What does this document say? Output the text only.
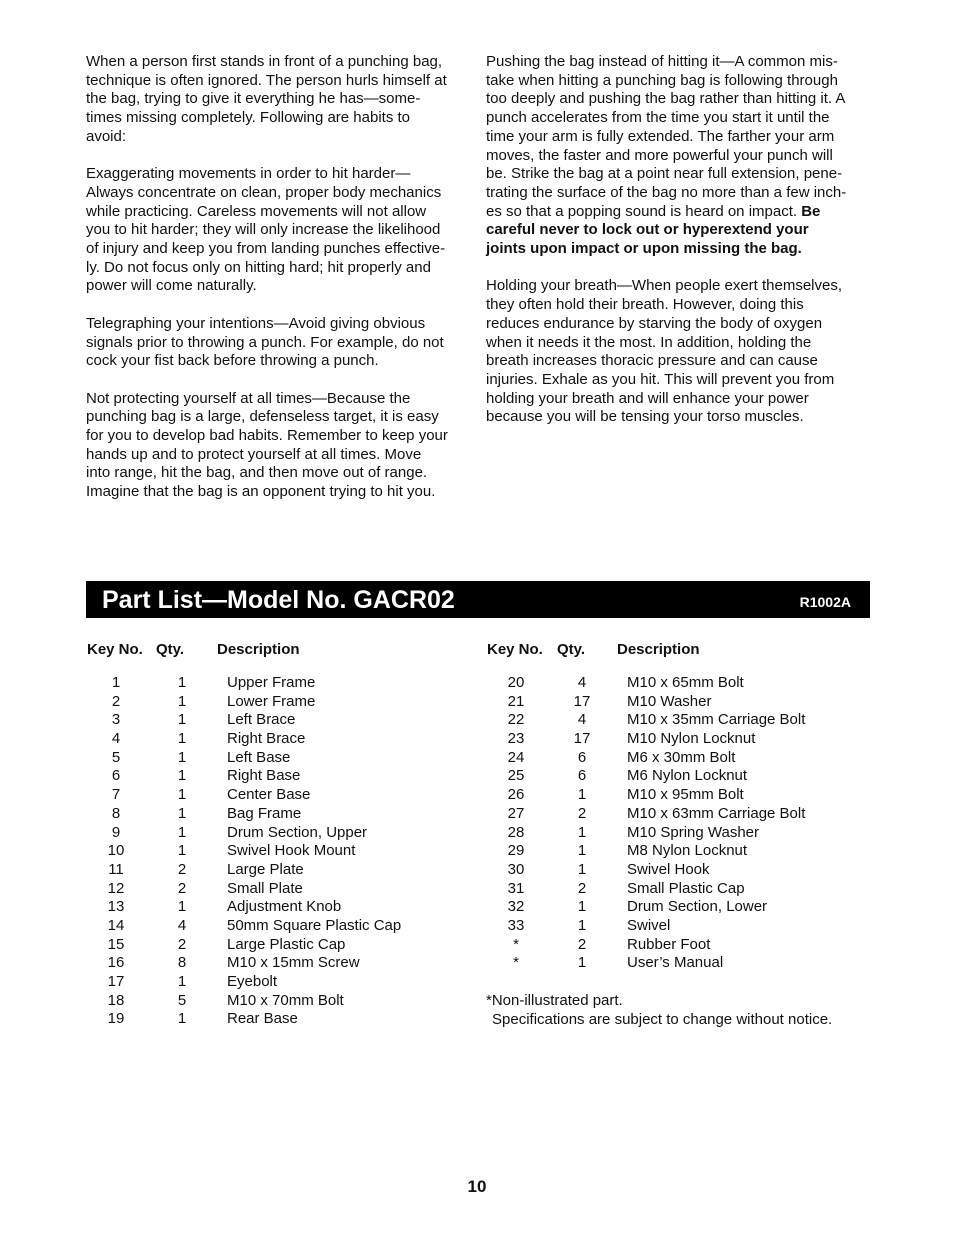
When a person first stands in front of a punching bag,
technique is often ignored. The person hurls himself at
the bag, trying to give it everything he has—some-
times missing completely. Following are habits to
avoid:

Exaggerating movements in order to hit harder—
Always concentrate on clean, proper body mechanics
while practicing. Careless movements will not allow
you to hit harder; they will only increase the likelihood
of injury and keep you from landing punches effective-
ly. Do not focus only on hitting hard; hit properly and
power will come naturally.

Telegraphing your intentions—Avoid giving obvious
signals prior to throwing a punch. For example, do not
cock your fist back before throwing a punch.

Not protecting yourself at all times—Because the
punching bag is a large, defenseless target, it is easy
for you to develop bad habits. Remember to keep your
hands up and to protect yourself at all times. Move
into range, hit the bag, and then move out of range.
Imagine that the bag is an opponent trying to hit you.

Pushing the bag instead of hitting it—A common mis-
take when hitting a punching bag is following through
too deeply and pushing the bag rather than hitting it. A
punch accelerates from the time you start it until the
time your arm is fully extended. The farther your arm
moves, the faster and more powerful your punch will
be. Strike the bag at a point near full extension, pene-
trating the surface of the bag no more than a few inch-
es so that a popping sound is heard on impact. Be
careful never to lock out or hyperextend your
joints upon impact or upon missing the bag.

Holding your breath—When people exert themselves,
they often hold their breath. However, doing this
reduces endurance by starving the body of oxygen
when it needs it the most. In addition, holding the
breath increases thoracic pressure and can cause
injuries. Exhale as you hit. This will prevent you from
holding your breath and will enhance your power
because you will be tensing your torso muscles.

Part List—Model No. GACR02	R1002A
Key No. Qty. Description	Key No. Qty. Description
1	1	Upper Frame
2	1	Lower Frame
3	1	Left Brace
4	1	Right Brace
5	1	Left Base
6	1	Right Base
7	1	Center Base
8	1	Bag Frame
9	1	Drum Section, Upper
10	1	Swivel Hook Mount
11	2	Large Plate
12	2	Small Plate
13	1	Adjustment Knob
14	4	50mm Square Plastic Cap
15	2	Large Plastic Cap
16	8	M10 x 15mm Screw
17	1	Eyebolt
18	5	M10 x 70mm Bolt
19	1	Rear Base
20	4	M10 x 65mm Bolt
21	17	M10 Washer
22	4	M10 x 35mm Carriage Bolt
23	17	M10 Nylon Locknut
24	6	M6 x 30mm Bolt
25	6	M6 Nylon Locknut
26	1	M10 x 95mm Bolt
27	2	M10 x 63mm Carriage Bolt
28	1	M10 Spring Washer
29	1	M8 Nylon Locknut
30	1	Swivel Hook
31	2	Small Plastic Cap
32	1	Drum Section, Lower
33	1	Swivel
*	2	Rubber Foot
*	1	User’s Manual
*Non-illustrated part.
Specifications are subject to change without notice.
10
